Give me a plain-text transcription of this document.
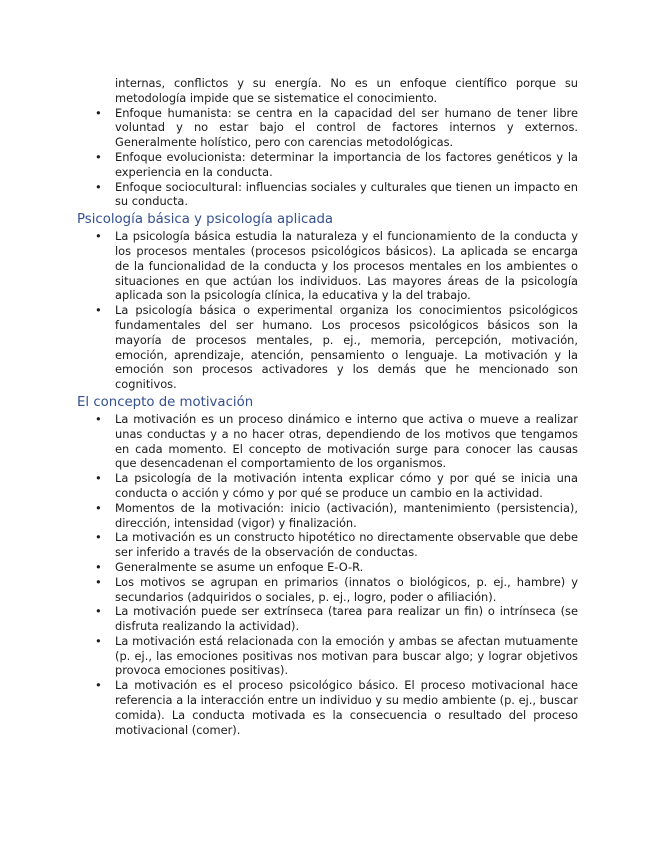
internas, conflictos y su energía. No es un enfoque científico porque su metodología impide que se sistematice el conocimiento.

• Enfoque humanista: se centra en la capacidad del ser humano de tener libre voluntad y no estar bajo el control de factores internos y externos. Generalmente holístico, pero con carencias metodológicas.
• Enfoque evolucionista: determinar la importancia de los factores genéticos y la experiencia en la conducta.
• Enfoque sociocultural: influencias sociales y culturales que tienen un impacto en su conducta.
Psicología básica y psicología aplicada
• La psicología básica estudia la naturaleza y el funcionamiento de la conducta y los procesos mentales (procesos psicológicos básicos). La aplicada se encarga de la funcionalidad de la conducta y los procesos mentales en los ambientes o situaciones en que actúan los individuos. Las mayores áreas de la psicología aplicada son la psicología clínica, la educativa y la del trabajo.
• La psicología básica o experimental organiza los conocimientos psicológicos fundamentales del ser humano. Los procesos psicológicos básicos son la mayoría de procesos mentales, p. ej., memoria, percepción, motivación, emoción, aprendizaje, atención, pensamiento o lenguaje. La motivación y la emoción son procesos activadores y los demás que he mencionado son cognitivos.
El concepto de motivación
• La motivación es un proceso dinámico e interno que activa o mueve a realizar unas conductas y a no hacer otras, dependiendo de los motivos que tengamos en cada momento. El concepto de motivación surge para conocer las causas que desencadenan el comportamiento de los organismos.
• La psicología de la motivación intenta explicar cómo y por qué se inicia una conducta o acción y cómo y por qué se produce un cambio en la actividad.
• Momentos de la motivación: inicio (activación), mantenimiento (persistencia), dirección, intensidad (vigor) y finalización.
• La motivación es un constructo hipotético no directamente observable que debe ser inferido a través de la observación de conductas.
• Generalmente se asume un enfoque E-O-R.
• Los motivos se agrupan en primarios (innatos o biológicos, p. ej., hambre) y secundarios (adquiridos o sociales, p. ej., logro, poder o afiliación).
• La motivación puede ser extrínseca (tarea para realizar un fin) o intrínseca (se disfruta realizando la actividad).
• La motivación está relacionada con la emoción y ambas se afectan mutuamente (p. ej., las emociones positivas nos motivan para buscar algo; y lograr objetivos provoca emociones positivas).
• La motivación es el proceso psicológico básico. El proceso motivacional hace referencia a la interacción entre un individuo y su medio ambiente (p. ej., buscar comida). La conducta motivada es la consecuencia o resultado del proceso motivacional (comer).
